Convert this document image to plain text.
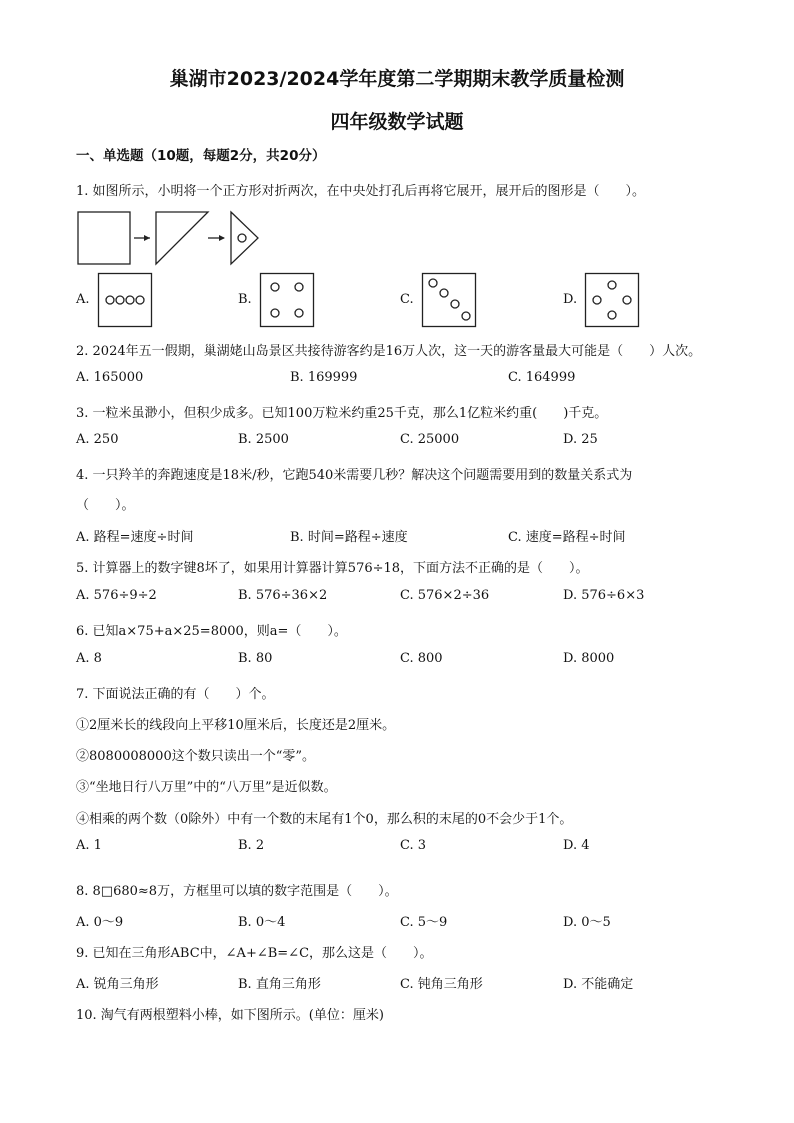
巢湖市2023/2024学年度第二学期期末教学质量检测
四年级数学试题
一、单选题（10题，每题2分，共20分）
1. 如图所示，小明将一个正方形对折两次，在中央处打孔后再将它展开，展开后的图形是（　　）。
A.	B.	C.	D.
2. 2024年五一假期，巢湖姥山岛景区共接待游客约是16万人次，这一天的游客量最大可能是（　　）人次。
A. 165000	B. 169999	C. 164999
3. 一粒米虽渺小，但积少成多。已知100万粒米约重25千克，那么1亿粒米约重(　　)千克。
A. 250	B. 2500	C. 25000	D. 25
4. 一只羚羊的奔跑速度是18米/秒，它跑540米需要几秒？解决这个问题需要用到的数量关系式为
（　　）。
A. 路程=速度÷时间	B. 时间=路程÷速度	C. 速度=路程÷时间
5. 计算器上的数字键8坏了，如果用计算器计算576÷18，下面方法不正确的是（　　）。
A. 576÷9÷2	B. 576÷36×2	C. 576×2÷36	D. 576÷6×3
6. 已知a×75+a×25=8000，则a=（　　）。
A. 8	B. 80	C. 800	D. 8000
7. 下面说法正确的有（　　）个。
①2厘米长的线段向上平移10厘米后，长度还是2厘米。
②8080008000这个数只读出一个“零”。
③“坐地日行八万里”中的“八万里”是近似数。
④相乘的两个数（0除外）中有一个数的末尾有1个0，那么积的末尾的0不会少于1个。
A. 1	B. 2	C. 3	D. 4
8. 8□680≈8万，方框里可以填的数字范围是（　　）。
A. 0～9	B. 0～4	C. 5～9	D. 0～5
9. 已知在三角形ABC中，∠A+∠B=∠C，那么这是（　　）。
A. 锐角三角形	B. 直角三角形	C. 钝角三角形	D. 不能确定
10. 淘气有两根塑料小棒，如下图所示。(单位：厘米)
